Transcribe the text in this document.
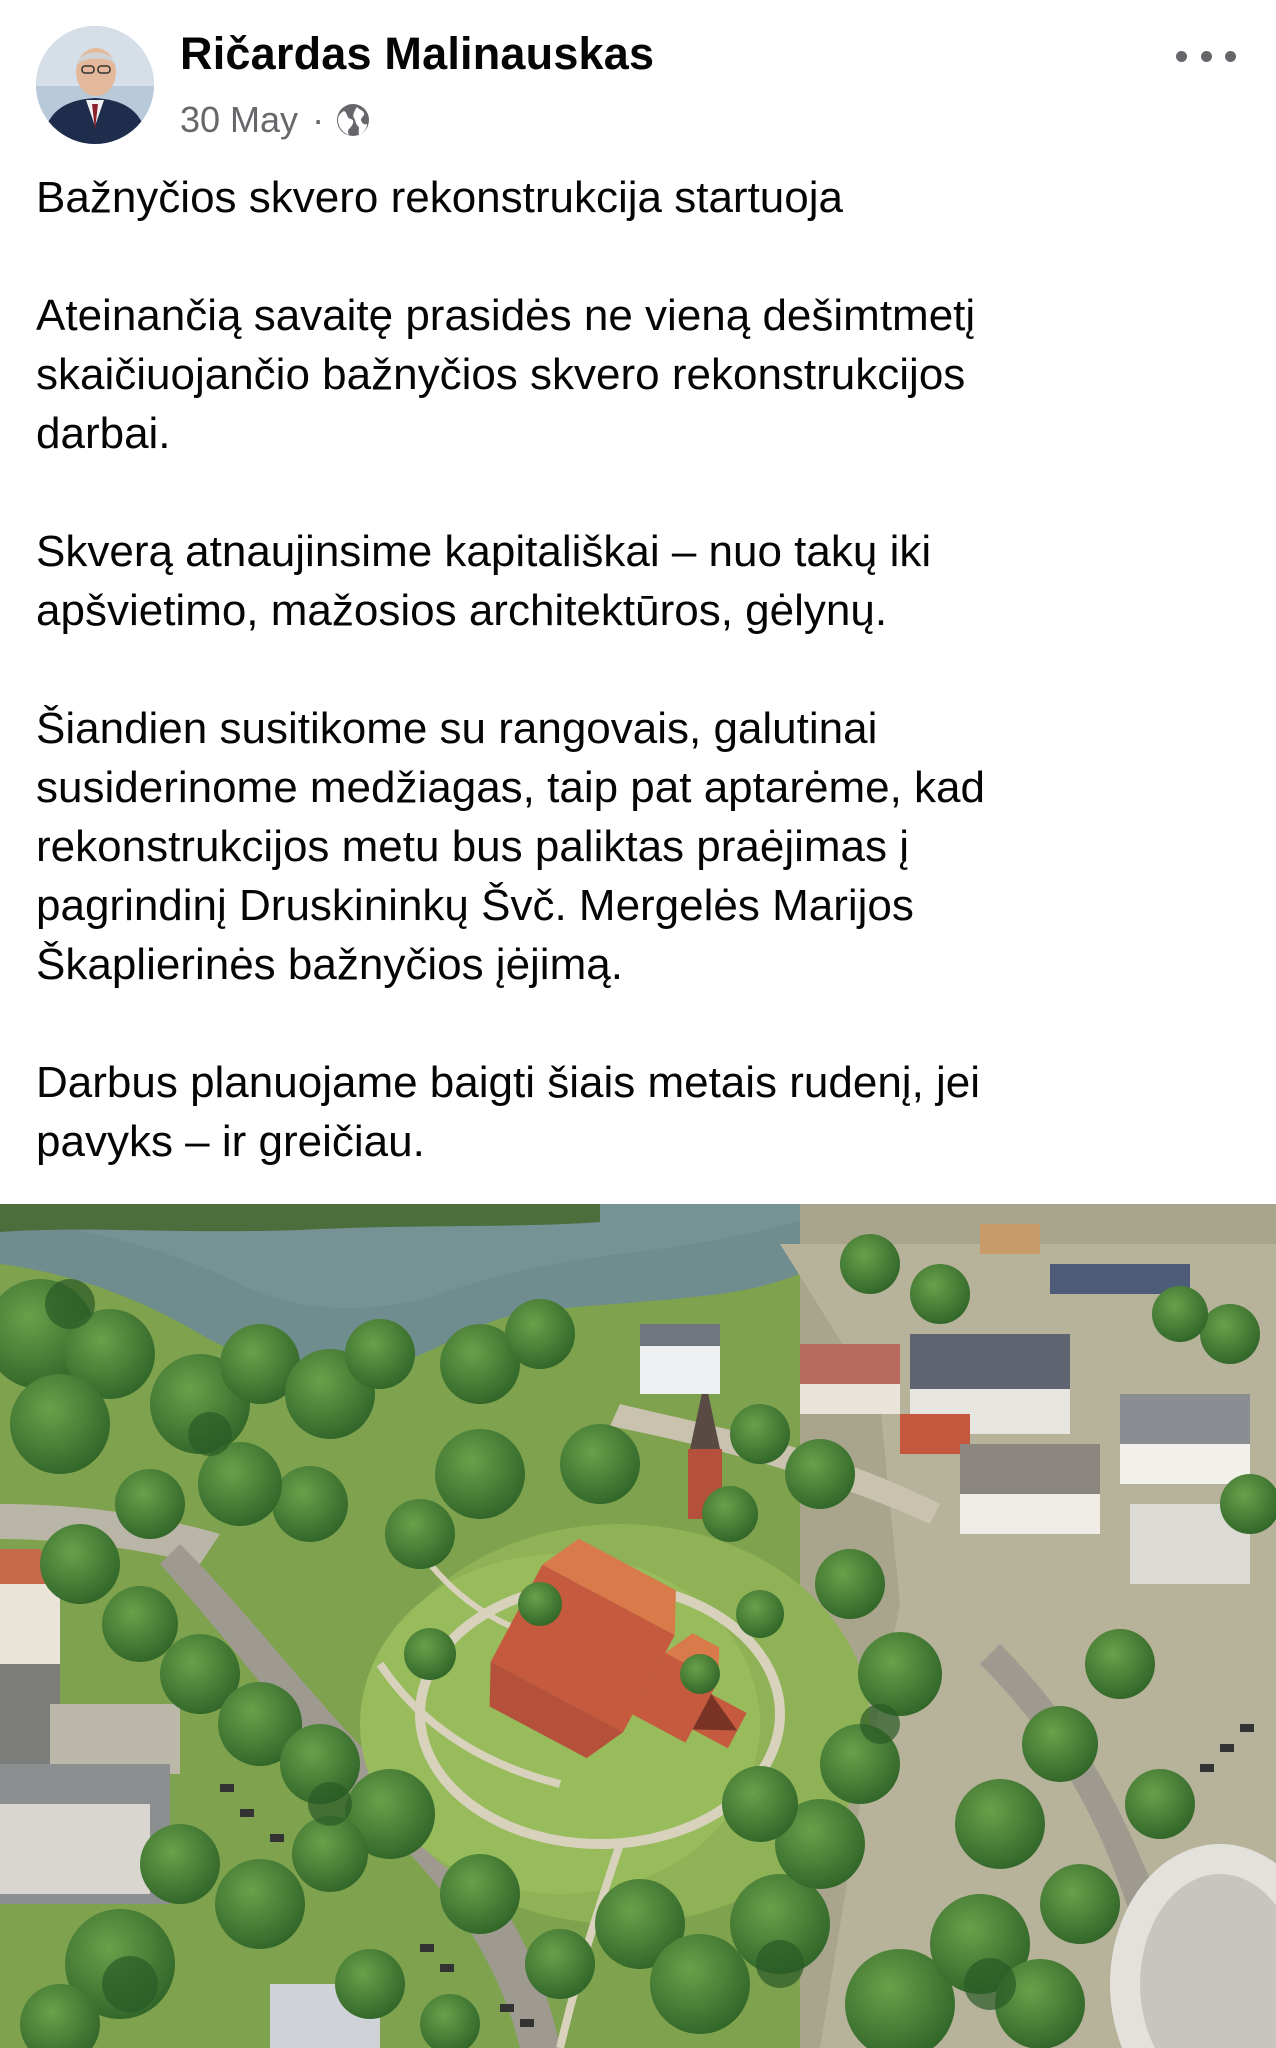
Ričardas Malinauskas
30 May ·

Bažnyčios skvero rekonstrukcija startuoja

Ateinančią savaitę prasidės ne vieną dešimtmetį
skaičiuojančio bažnyčios skvero rekonstrukcijos
darbai.

Skverą atnaujinsime kapitališkai – nuo takų iki
apšvietimo, mažosios architektūros, gėlynų.

Šiandien susitikome su rangovais, galutinai
susiderinome medžiagas, taip pat aptarėme, kad
rekonstrukcijos metu bus paliktas praėjimas į
pagrindinį Druskininkų Švč. Mergelės Marijos
Škaplierinės bažnyčios įėjimą.

Darbus planuojame baigti šiais metais rudenį, jei
pavyks – ir greičiau.
